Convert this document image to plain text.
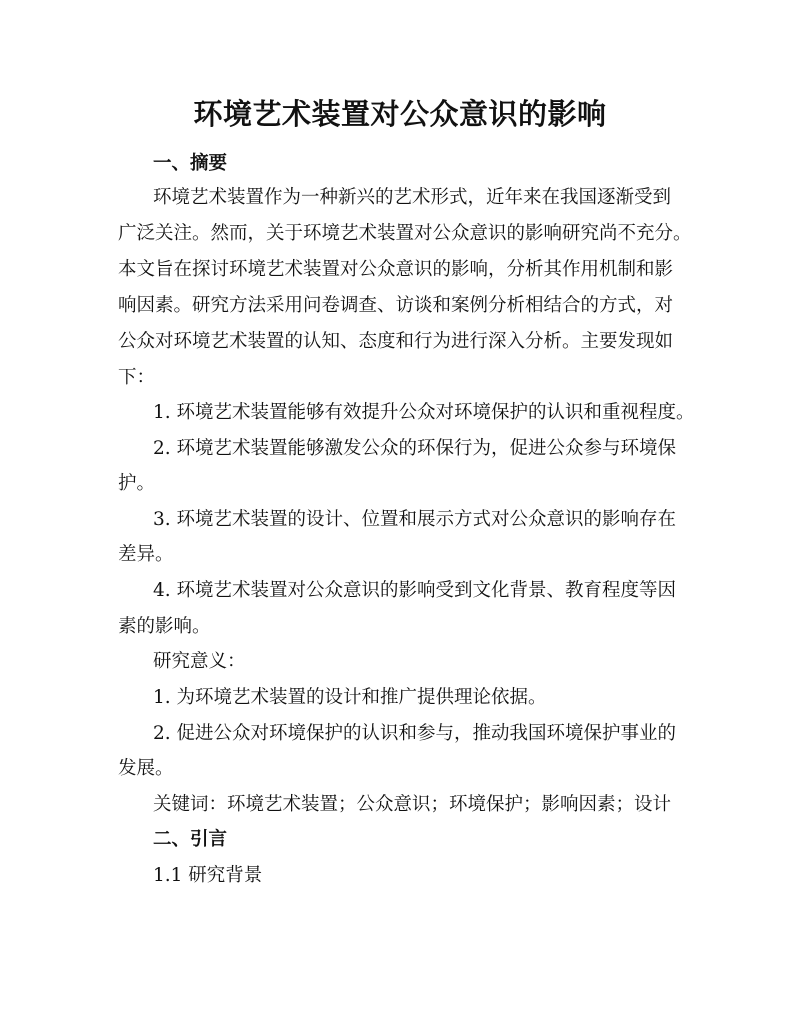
环境艺术装置对公众意识的影响
一、摘要
环境艺术装置作为一种新兴的艺术形式，近年来在我国逐渐受到
广泛关注。然而，关于环境艺术装置对公众意识的影响研究尚不充分。
本文旨在探讨环境艺术装置对公众意识的影响，分析其作用机制和影
响因素。研究方法采用问卷调查、访谈和案例分析相结合的方式，对
公众对环境艺术装置的认知、态度和行为进行深入分析。主要发现如
下：
1. 环境艺术装置能够有效提升公众对环境保护的认识和重视程度。
2. 环境艺术装置能够激发公众的环保行为，促进公众参与环境保
护。
3. 环境艺术装置的设计、位置和展示方式对公众意识的影响存在
差异。
4. 环境艺术装置对公众意识的影响受到文化背景、教育程度等因
素的影响。
研究意义：
1. 为环境艺术装置的设计和推广提供理论依据。
2. 促进公众对环境保护的认识和参与，推动我国环境保护事业的
发展。
关键词：环境艺术装置；公众意识；环境保护；影响因素；设计
二、引言
1.1 研究背景
